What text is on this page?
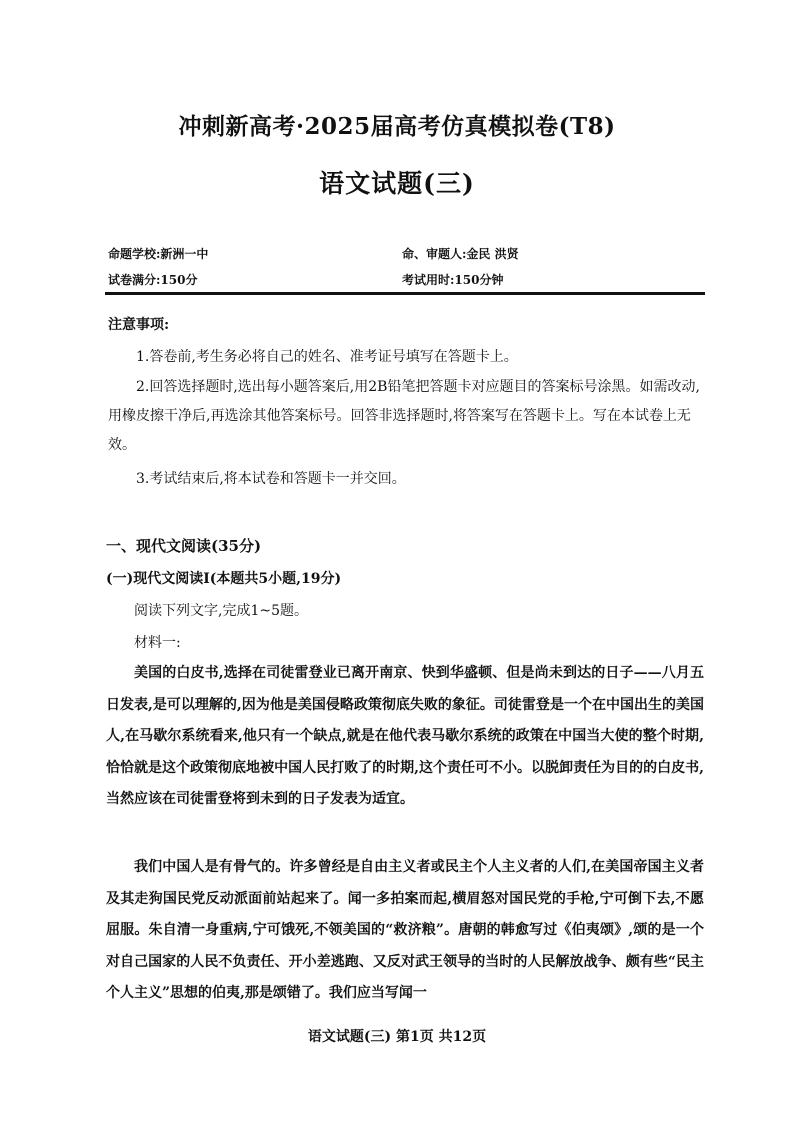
冲刺新高考·2025届高考仿真模拟卷(T8)
语文试题(三)
命题学校:新洲一中	命、审题人:金民 洪贤
试卷满分:150分	考试用时:150分钟
注意事项:
1.答卷前,考生务必将自己的姓名、准考证号填写在答题卡上。
2.回答选择题时,选出每小题答案后,用2B铅笔把答题卡对应题目的答案标号涂黑。如需改动,用橡皮擦干净后,再选涂其他答案标号。回答非选择题时,将答案写在答题卡上。写在本试卷上无效。
3.考试结束后,将本试卷和答题卡一并交回。
一、现代文阅读(35分)
(一)现代文阅读Ⅰ(本题共5小题,19分)
阅读下列文字,完成1~5题。
材料一:
美国的白皮书,选择在司徒雷登业已离开南京、快到华盛顿、但是尚未到达的日子——八月五日发表,是可以理解的,因为他是美国侵略政策彻底失败的象征。司徒雷登是一个在中国出生的美国人,在马歇尔系统看来,他只有一个缺点,就是在他代表马歇尔系统的政策在中国当大使的整个时期,恰恰就是这个政策彻底地被中国人民打败了的时期,这个责任可不小。以脱卸责任为目的的白皮书,当然应该在司徒雷登将到未到的日子发表为适宜。
我们中国人是有骨气的。许多曾经是自由主义者或民主个人主义者的人们,在美国帝国主义者及其走狗国民党反动派面前站起来了。闻一多拍案而起,横眉怒对国民党的手枪,宁可倒下去,不愿屈服。朱自清一身重病,宁可饿死,不领美国的“救济粮”。唐朝的韩愈写过《伯夷颂》,颂的是一个对自己国家的人民不负责任、开小差逃跑、又反对武王领导的当时的人民解放战争、颇有些“民主个人主义”思想的伯夷,那是颂错了。我们应当写闻一
语文试题(三) 第1页 共12页
